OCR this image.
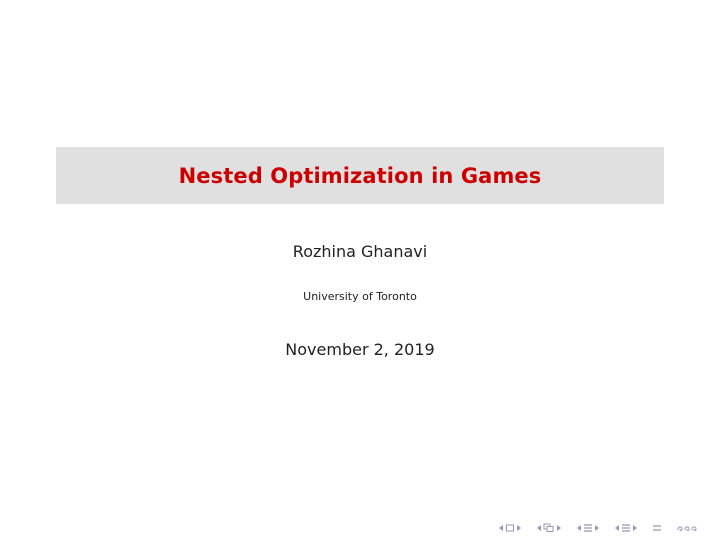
Nested Optimization in Games
Rozhina Ghanavi
University of Toronto
November 2, 2019
